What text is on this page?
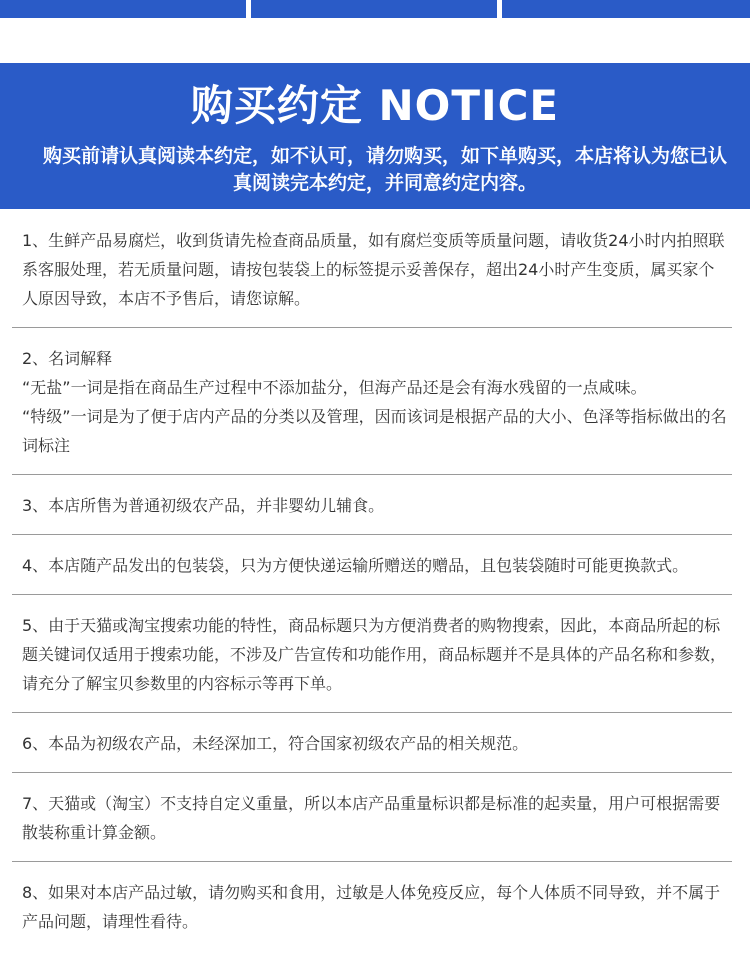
购买约定 NOTICE
购买前请认真阅读本约定，如不认可，请勿购买，如下单购买，本店将认为您已认真阅读完本约定，并同意约定内容。

1、生鲜产品易腐烂，收到货请先检查商品质量，如有腐烂变质等质量问题，请收货24小时内拍照联系客服处理，若无质量问题，请按包装袋上的标签提示妥善保存，超出24小时产生变质，属买家个人原因导致，本店不予售后，请您谅解。

2、名词解释

“无盐”一词是指在商品生产过程中不添加盐分，但海产品还是会有海水残留的一点咸味。

“特级”一词是为了便于店内产品的分类以及管理，因而该词是根据产品的大小、色泽等指标做出的名词标注

3、本店所售为普通初级农产品，并非婴幼儿辅食。

4、本店随产品发出的包装袋，只为方便快递运输所赠送的赠品，且包装袋随时可能更换款式。

5、由于天猫或淘宝搜索功能的特性，商品标题只为方便消费者的购物搜索，因此，本商品所起的标题关键词仅适用于搜索功能，不涉及广告宣传和功能作用，商品标题并不是具体的产品名称和参数，请充分了解宝贝参数里的内容标示等再下单。

6、本品为初级农产品，未经深加工，符合国家初级农产品的相关规范。

7、天猫或（淘宝）不支持自定义重量，所以本店产品重量标识都是标准的起卖量，用户可根据需要散装称重计算金额。

8、如果对本店产品过敏，请勿购买和食用，过敏是人体免疫反应，每个人体质不同导致，并不属于产品问题，请理性看待。
